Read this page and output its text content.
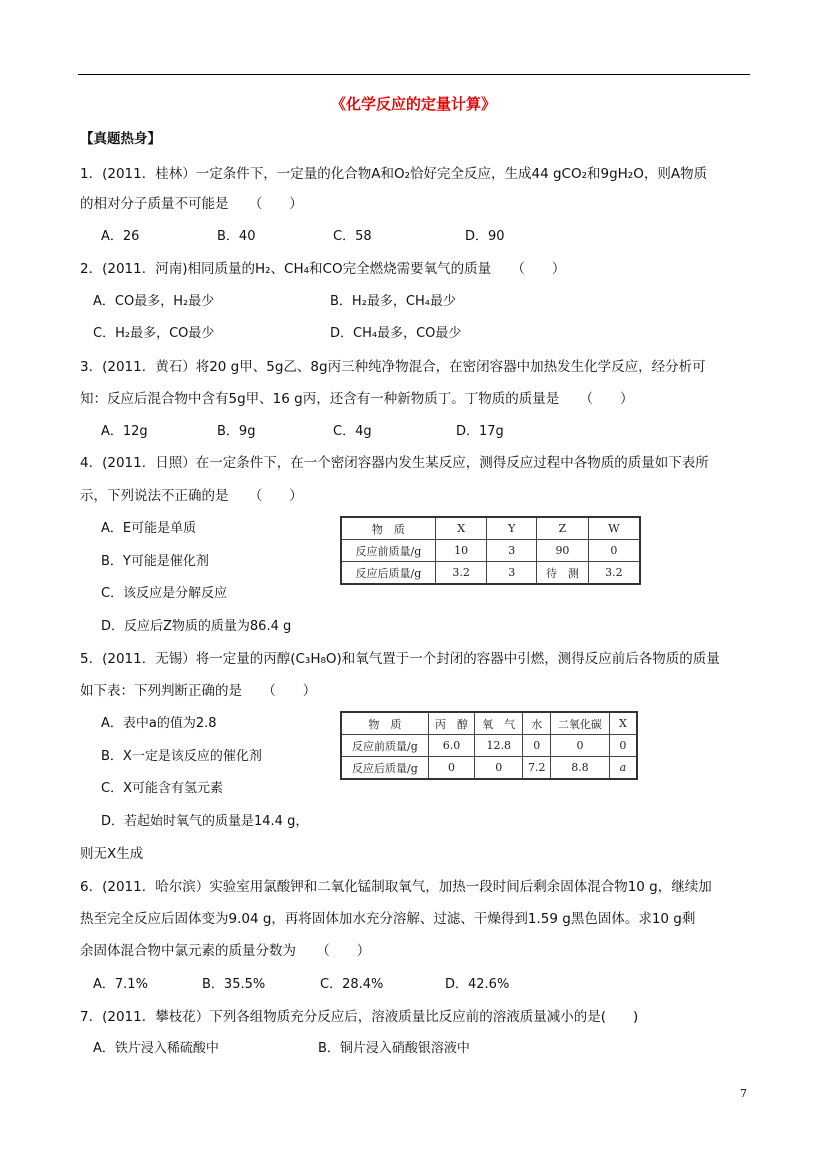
《化学反应的定量计算》
【真题热身】
1．(2011．桂林）一定条件下，一定量的化合物A和O₂恰好完全反应，生成44 gCO₂和9gH₂O，则A物质
的相对分子质量不可能是　　（　　）
A．26	B．40	C．58	D．90
2．(2011．河南)相同质量的H₂、CH₄和CO完全燃烧需要氧气的质量　　（　　）
A．CO最多，H₂最少	B．H₂最多，CH₄最少
C．H₂最多，CO最少	D．CH₄最多，CO最少
3．(2011．黄石）将20 g甲、5g乙、8g丙三种纯净物混合，在密闭容器中加热发生化学反应，经分析可
知：反应后混合物中含有5g甲、16 g丙，还含有一种新物质丁。丁物质的质量是　　（　　）
A．12g	B．9g	C．4g	D．17g
4．(2011．日照）在一定条件下，在一个密闭容器内发生某反应，测得反应过程中各物质的质量如下表所
示，下列说法不正确的是　　（　　）
A．E可能是单质
B．Y可能是催化剂
C．该反应是分解反应
D．反应后Z物质的质量为86.4 g
物　质	X	Y	Z	W
反应前质量/g	10	3	90	0
反应后质量/g	3.2	3	待　测	3.2
5．(2011．无锡）将一定量的丙醇(C₃H₈O)和氧气置于一个封闭的容器中引燃，测得反应前后各物质的质量
如下表：下列判断正确的是　　（　　）
A．表中a的值为2.8
B．X一定是该反应的催化剂
C．X可能含有氢元素
D．若起始时氧气的质量是14.4 g，
则无X生成
物　质	丙　醇	氧　气	水	二氧化碳	X
反应前质量/g	6.0	12.8	0	0	0
反应后质量/g	0	0	7.2	8.8	a
6．(2011．哈尔滨）实验室用氯酸钾和二氧化锰制取氧气，加热一段时间后剩余固体混合物10 g，继续加
热至完全反应后固体变为9.04 g，再将固体加水充分溶解、过滤、干燥得到1.59 g黑色固体。求10 g剩
余固体混合物中氯元素的质量分数为　　（　　）
A．7.1%	B．35.5%	C．28.4%	D．42.6%
7．(2011．攀枝花）下列各组物质充分反应后，溶液质量比反应前的溶液质量减小的是(　　)
A．铁片浸入稀硫酸中	B．铜片浸入硝酸银溶液中
7
